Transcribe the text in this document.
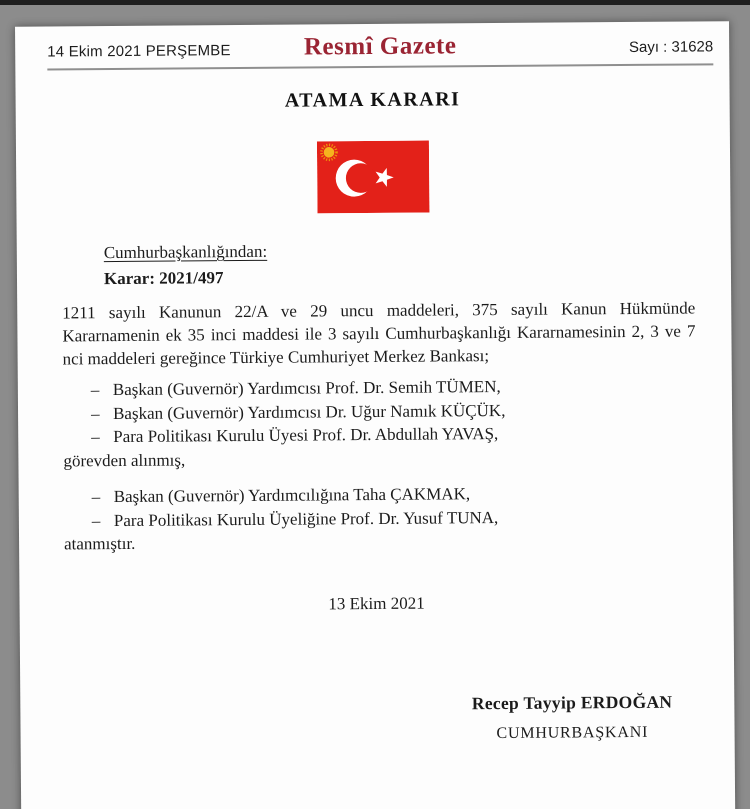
14 Ekim 2021 PERŞEMBE	Resmî Gazete	Sayı : 31628
ATAMA KARARI
Cumhurbaşkanlığından:
Karar: 2021/497
1211 sayılı Kanunun 22/A ve 29 uncu maddeleri, 375 sayılı Kanun Hükmünde Kararnamenin ek 35 inci maddesi ile 3 sayılı Cumhurbaşkanlığı Kararnamesinin 2, 3 ve 7 nci maddeleri gereğince Türkiye Cumhuriyet Merkez Bankası;
– Başkan (Guvernör) Yardımcısı Prof. Dr. Semih TÜMEN,
– Başkan (Guvernör) Yardımcısı Dr. Uğur Namık KÜÇÜK,
– Para Politikası Kurulu Üyesi Prof. Dr. Abdullah YAVAŞ,
görevden alınmış,
– Başkan (Guvernör) Yardımcılığına Taha ÇAKMAK,
– Para Politikası Kurulu Üyeliğine Prof. Dr. Yusuf TUNA,
atanmıştır.
13 Ekim 2021
Recep Tayyip ERDOĞAN
CUMHURBAŞKANI
